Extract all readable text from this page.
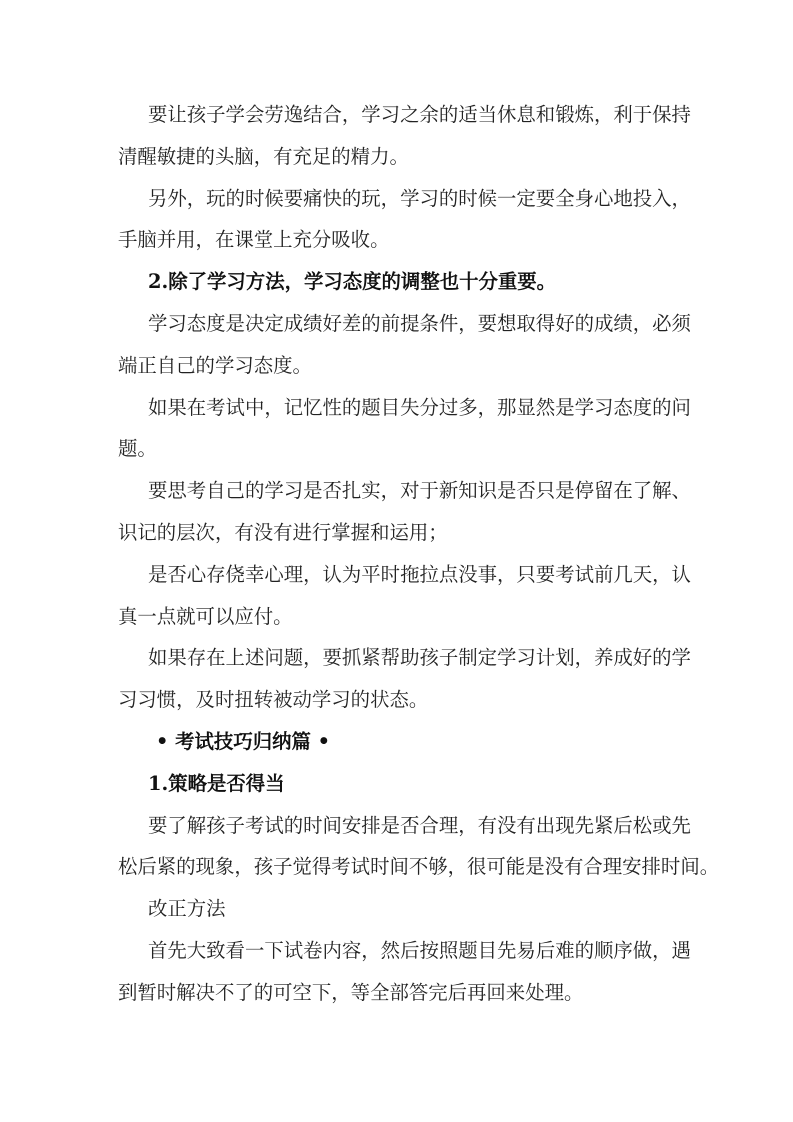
要让孩子学会劳逸结合，学习之余的适当休息和锻炼，利于保持
清醒敏捷的头脑，有充足的精力。

另外，玩的时候要痛快的玩，学习的时候一定要全身心地投入，
手脑并用，在课堂上充分吸收。

2.除了学习方法，学习态度的调整也十分重要。

学习态度是决定成绩好差的前提条件，要想取得好的成绩，必须
端正自己的学习态度。

如果在考试中，记忆性的题目失分过多，那显然是学习态度的问
题。

要思考自己的学习是否扎实，对于新知识是否只是停留在了解、
识记的层次，有没有进行掌握和运用；

是否心存侥幸心理，认为平时拖拉点没事，只要考试前几天，认
真一点就可以应付。

如果存在上述问题，要抓紧帮助孩子制定学习计划，养成好的学
习习惯，及时扭转被动学习的状态。

• 考试技巧归纳篇 •

1.策略是否得当

要了解孩子考试的时间安排是否合理，有没有出现先紧后松或先
松后紧的现象，孩子觉得考试时间不够，很可能是没有合理安排时间。

改正方法

首先大致看一下试卷内容，然后按照题目先易后难的顺序做，遇
到暂时解决不了的可空下，等全部答完后再回来处理。
